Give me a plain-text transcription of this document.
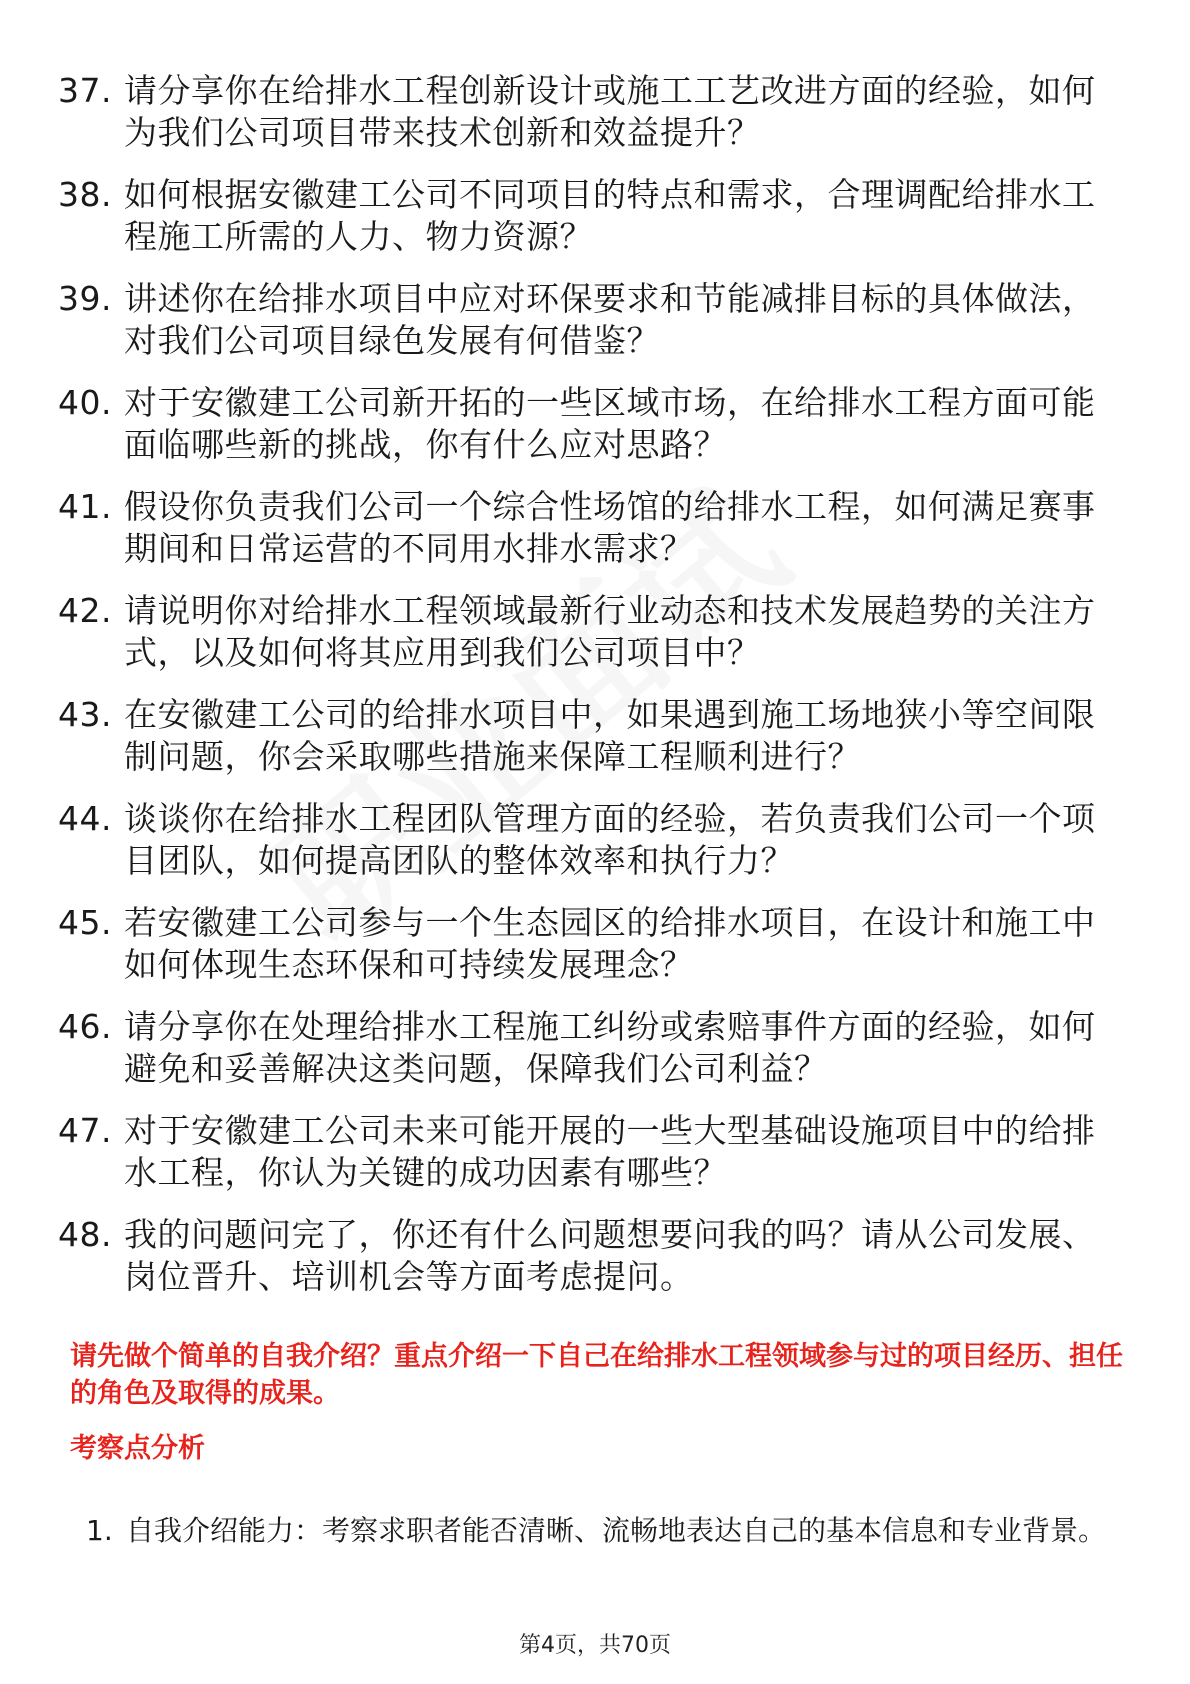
37. 请分享你在给排水工程创新设计或施工工艺改进方面的经验，如何为我们公司项目带来技术创新和效益提升？
38. 如何根据安徽建工公司不同项目的特点和需求，合理调配给排水工程施工所需的人力、物力资源？
39. 讲述你在给排水项目中应对环保要求和节能减排目标的具体做法，对我们公司项目绿色发展有何借鉴？
40. 对于安徽建工公司新开拓的一些区域市场，在给排水工程方面可能面临哪些新的挑战，你有什么应对思路？
41. 假设你负责我们公司一个综合性场馆的给排水工程，如何满足赛事期间和日常运营的不同用水排水需求？
42. 请说明你对给排水工程领域最新行业动态和技术发展趋势的关注方式，以及如何将其应用到我们公司项目中？
43. 在安徽建工公司的给排水项目中，如果遇到施工场地狭小等空间限制问题，你会采取哪些措施来保障工程顺利进行？
44. 谈谈你在给排水工程团队管理方面的经验，若负责我们公司一个项目团队，如何提高团队的整体效率和执行力？
45. 若安徽建工公司参与一个生态园区的给排水项目，在设计和施工中如何体现生态环保和可持续发展理念？
46. 请分享你在处理给排水工程施工纠纷或索赔事件方面的经验，如何避免和妥善解决这类问题，保障我们公司利益？
47. 对于安徽建工公司未来可能开展的一些大型基础设施项目中的给排水工程，你认为关键的成功因素有哪些？
48. 我的问题问完了，你还有什么问题想要问我的吗？请从公司发展、岗位晋升、培训机会等方面考虑提问。

请先做个简单的自我介绍？重点介绍一下自己在给排水工程领域参与过的项目经历、担任的角色及取得的成果。

考察点分析

1. 自我介绍能力：考察求职者能否清晰、流畅地表达自己的基本信息和专业背景。
第4页，共70页
